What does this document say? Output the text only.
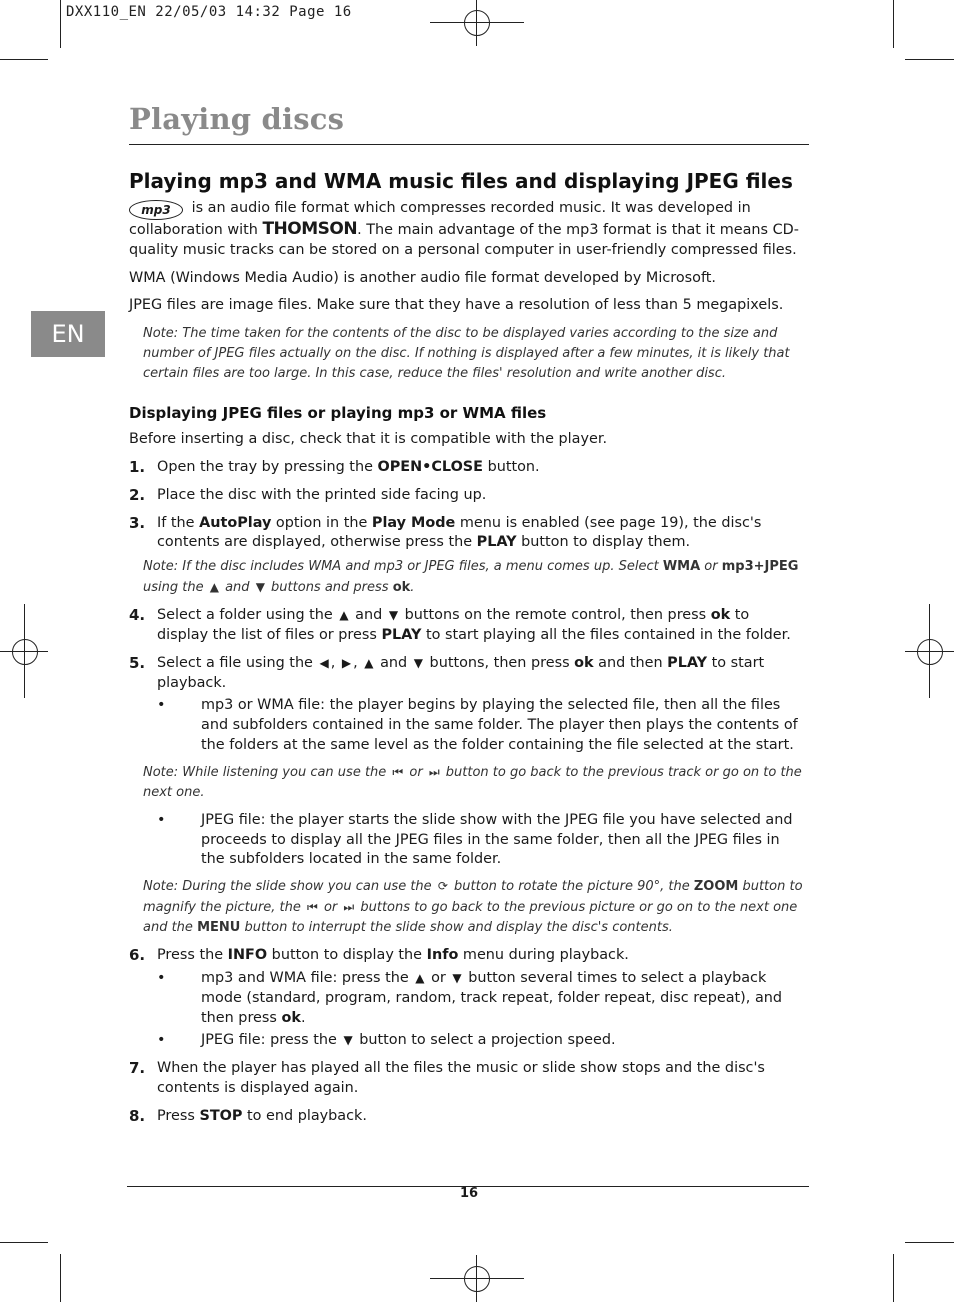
DXX110_EN 22/05/03 14:32 Page 16
Playing discs
EN
Playing mp3 and WMA music files and displaying JPEG files

mp3 is an audio file format which compresses recorded music. It was developed in collaboration with THOMSON. The main advantage of the mp3 format is that it means CD-quality music tracks can be stored on a personal computer in user-friendly compressed files.

WMA (Windows Media Audio) is another audio file format developed by Microsoft.

JPEG files are image files. Make sure that they have a resolution of less than 5 megapixels.

Note: The time taken for the contents of the disc to be displayed varies according to the size and number of JPEG files actually on the disc. If nothing is displayed after a few minutes, it is likely that certain files are too large. In this case, reduce the files' resolution and write another disc.

Displaying JPEG files or playing mp3 or WMA files

Before inserting a disc, check that it is compatible with the player.

1. Open the tray by pressing the OPEN•CLOSE button.
2. Place the disc with the printed side facing up.
3. If the AutoPlay option in the Play Mode menu is enabled (see page 19), the disc's contents are displayed, otherwise press the PLAY button to display them.

Note: If the disc includes WMA and mp3 or JPEG files, a menu comes up. Select WMA or mp3+JPEG using the ▲ and ▼ buttons and press ok.

4. Select a folder using the ▲ and ▼ buttons on the remote control, then press ok to display the list of files or press PLAY to start playing all the files contained in the folder.
5. Select a file using the ◀ , ▶ , ▲ and ▼ buttons, then press ok and then PLAY to start playback.
• mp3 or WMA file: the player begins by playing the selected file, then all the files and subfolders contained in the same folder. The player then plays the contents of the folders at the same level as the folder containing the file selected at the start.

Note: While listening you can use the ⏮ or ⏭ button to go back to the previous track or go on to the next one.

• JPEG file: the player starts the slide show with the JPEG file you have selected and proceeds to display all the JPEG files in the same folder, then all the JPEG files in the subfolders located in the same folder.

Note: During the slide show you can use the ⟳ button to rotate the picture 90°, the ZOOM button to magnify the picture, the ⏮ or ⏭ buttons to go back to the previous picture or go on to the next one and the MENU button to interrupt the slide show and display the disc's contents.

6. Press the INFO button to display the Info menu during playback.
• mp3 and WMA file: press the ▲ or ▼ button several times to select a playback mode (standard, program, random, track repeat, folder repeat, disc repeat), and then press ok.
• JPEG file: press the ▼ button to select a projection speed.
7. When the player has played all the files the music or slide show stops and the disc's contents is displayed again.
8. Press STOP to end playback.
16
